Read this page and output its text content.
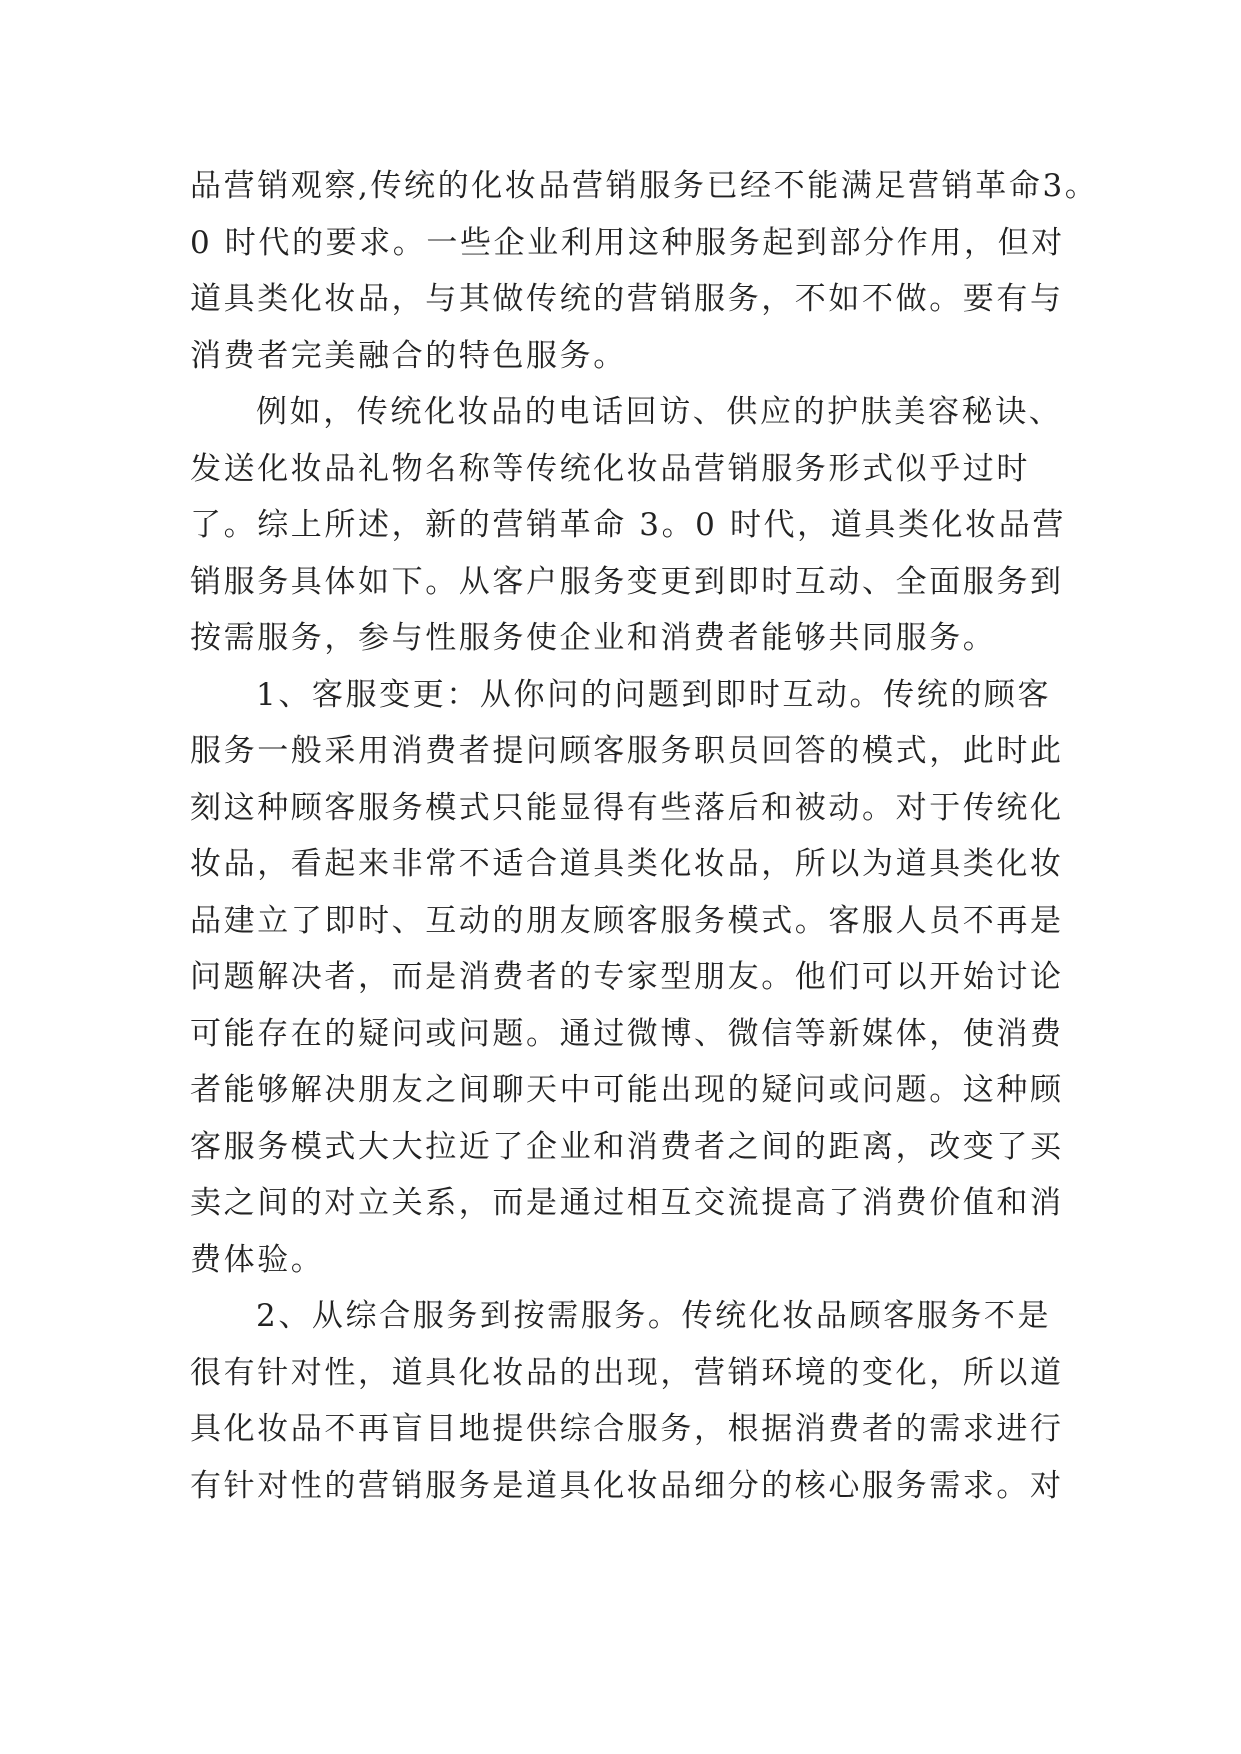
品营销观察,传统的化妆品营销服务已经不能满足营销革命3。

0 时代的要求。一些企业利用这种服务起到部分作用，但对

道具类化妆品，与其做传统的营销服务，不如不做。要有与

消费者完美融合的特色服务。

例如，传统化妆品的电话回访、供应的护肤美容秘诀、

发送化妆品礼物名称等传统化妆品营销服务形式似乎过时

了。综上所述，新的营销革命 3。0 时代，道具类化妆品营

销服务具体如下。从客户服务变更到即时互动、全面服务到

按需服务，参与性服务使企业和消费者能够共同服务。

1、客服变更：从你问的问题到即时互动。传统的顾客

服务一般采用消费者提问顾客服务职员回答的模式，此时此

刻这种顾客服务模式只能显得有些落后和被动。对于传统化

妆品，看起来非常不适合道具类化妆品，所以为道具类化妆

品建立了即时、互动的朋友顾客服务模式。客服人员不再是

问题解决者，而是消费者的专家型朋友。他们可以开始讨论

可能存在的疑问或问题。通过微博、微信等新媒体，使消费

者能够解决朋友之间聊天中可能出现的疑问或问题。这种顾

客服务模式大大拉近了企业和消费者之间的距离，改变了买

卖之间的对立关系，而是通过相互交流提高了消费价值和消

费体验。

2、从综合服务到按需服务。传统化妆品顾客服务不是

很有针对性，道具化妆品的出现，营销环境的变化，所以道

具化妆品不再盲目地提供综合服务，根据消费者的需求进行

有针对性的营销服务是道具化妆品细分的核心服务需求。对
